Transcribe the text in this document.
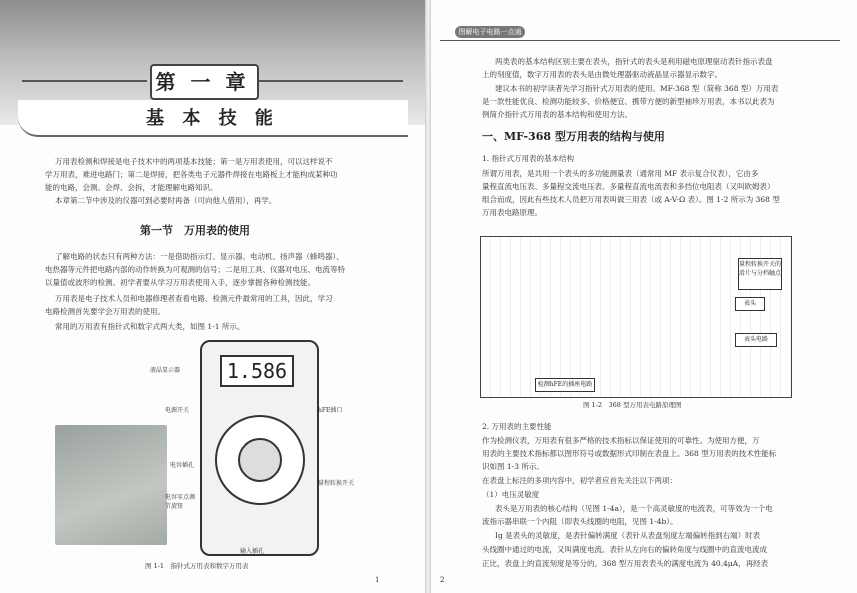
第 一 章
基 本 技 能
万用表检测和焊接是电子技术中的两项基本技能；第一是万用表使用，可以这样说不
学万用表，难进电路门；第二是焊接，把各类电子元器件焊接在电路板上才能构成某种功
能的电路，会测、会焊、会拆，才能理解电路知识。
本章第二节中涉及的仪器可到必要时再备（可向他人借用），再学。
第一节　万用表的使用
了解电路的状态只有两种方法：一是借助指示灯、显示器、电动机、扬声器（蜂鸣器）、
电热器等元件把电路内部的动作转换为可观测的信号；二是用工具、仪器对电压、电流等特
以量值或波形的检测。初学者要从学习万用表使用入手，逐步掌握各种检测技能。
万用表是电子技术人员和电器修理者查看电路、检测元件最常用的工具，因此，学习
电路检测首先要学会万用表的使用。
常用的万用表有指针式和数字式两大类，如图 1-1 所示。
1.586
液晶显示器
电源开关	hFE插口
电容插孔
电容零点调节旋钮
量程转换开关
输入插孔
图 1-1　指针式万用表和数字万用表
1
图解电子电路一点通
两类表的基本结构区别主要在表头，指针式的表头是利用磁电原理驱动表针指示表盘
上的刻度值，数字万用表的表头是由微处理器驱动液晶显示器显示数字。
建议本书的初学读者先学习指针式万用表的使用。MF-368 型（简称 368 型）万用表
是一款性能优良、检测功能较多、价格便宜、携带方便的新型袖珍万用表，本书以此表为
例简介指针式万用表的基本结构和使用方法。
一、MF-368 型万用表的结构与使用
1. 指针式万用表的基本结构
所谓万用表，是共用一个表头的多功能测量表（通常用 MF 表示复合仪表），它由多
量程直流电压表、多量程交流电压表、多量程直流电流表和多挡位电阻表（又叫欧姆表）
组合而成，因此有些技术人员把万用表叫做三用表（或 A-V-Ω 表）。图 1-2 所示为 368 型
万用表电路原理。
量程转换开关的滑片与分档触点
表头
表头电路
检测hFE的插座电路
图 1-2　368 型万用表电路原理图
2. 万用表的主要性能
作为检测仪表，万用表有很多严格的技术指标以保证使用的可靠性。为使用方便，万
用表的主要技术指标都以图形符号或数据形式印制在表盘上。368 型万用表的技术性能标
识如图 1-3 所示。
在表盘上标注的多项内容中，初学者应首先关注以下两项：
（1）电压灵敏度
表头是万用表的核心结构（见图 1-4a），是一个高灵敏度的电流表，可等效为一个电
流指示器串联一个内阻（即表头线圈的电阻，见图 1-4b）。
Ig 是表头的灵敏度，是表针偏转满度（表针从表盘刻度左端偏转指到右端）时表
头线圈中通过的电流，又叫满度电流。表针从左向右的偏转角度与线圈中的直流电流成
正比，表盘上的直流刻度是等分的。368 型万用表表头的满度电流为 40.4μA，再经表
2
